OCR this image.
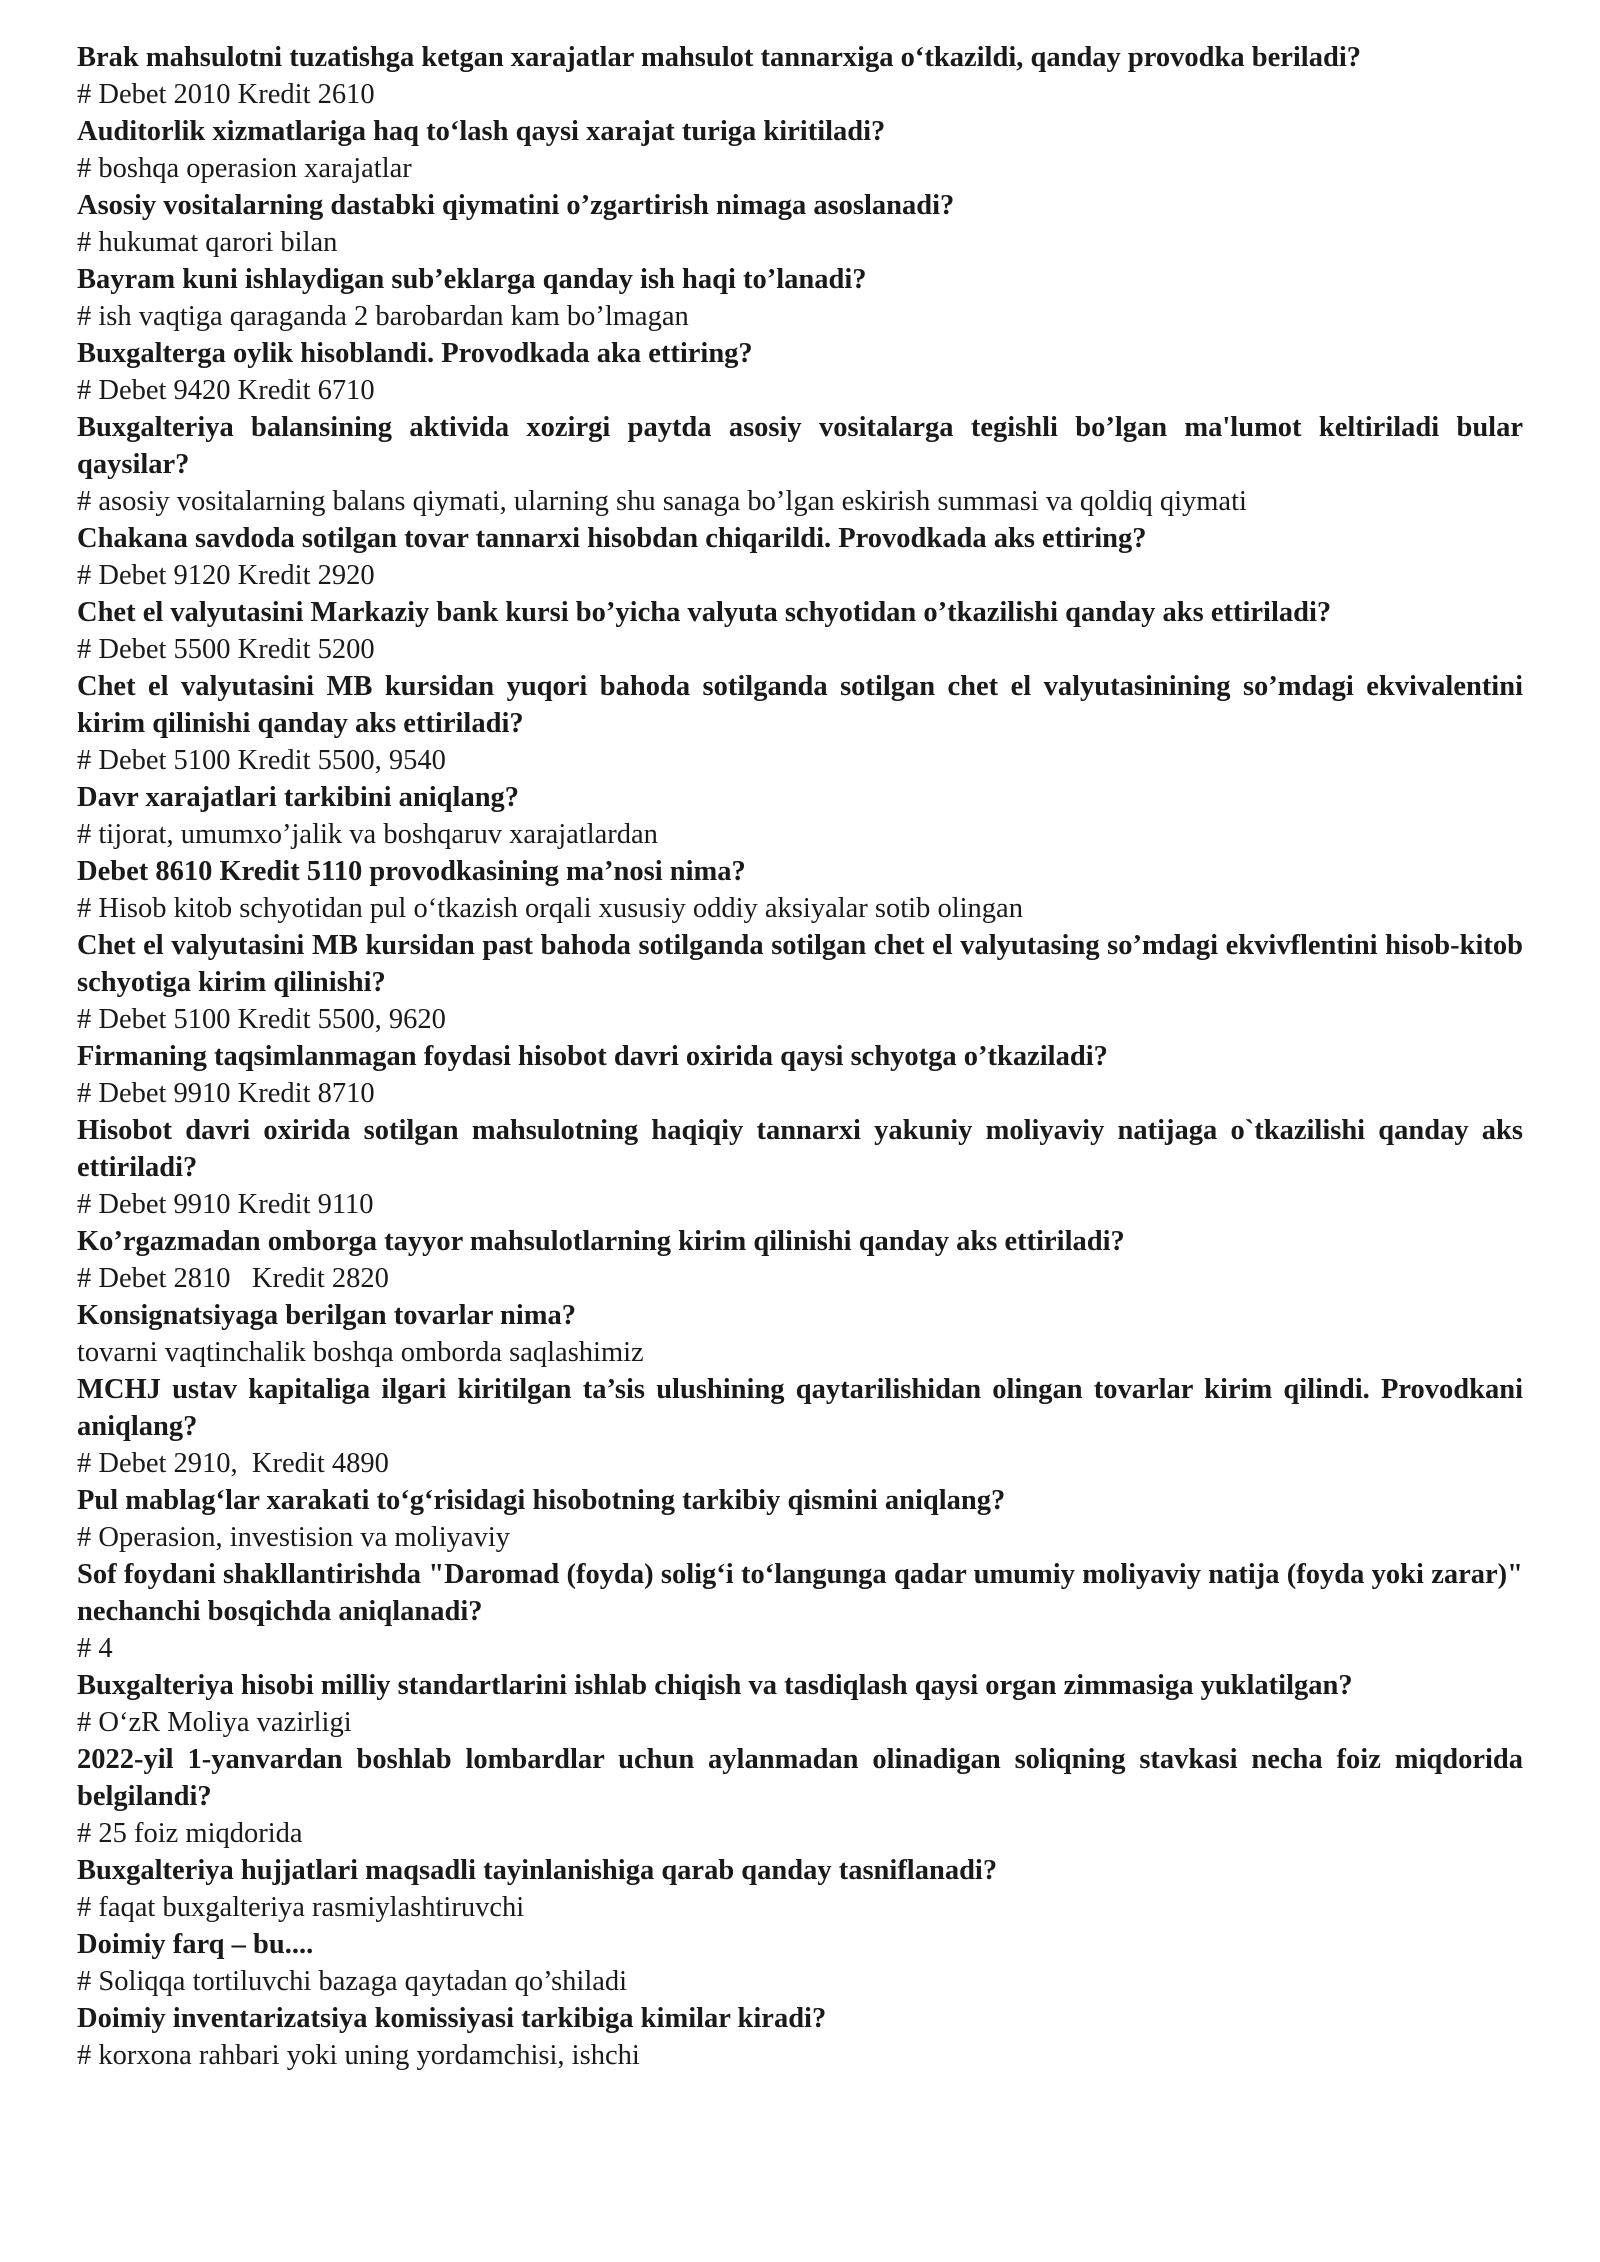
Brak mahsulotni tuzatishga ketgan xarajatlar mahsulot tannarxiga o‘tkazildi, qanday provodka beriladi?

# Debet 2010 Kredit 2610

Auditorlik xizmatlariga haq to‘lash qaysi xarajat turiga kiritiladi?

# boshqa operasion xarajatlar

Asosiy vositalarning dastabki qiymatini o’zgartirish nimaga asoslanadi?

# hukumat qarori bilan

Bayram kuni ishlaydigan sub’eklarga qanday ish haqi to’lanadi?

# ish vaqtiga qaraganda 2 barobardan kam bo’lmagan

Buxgalterga oylik hisoblandi. Provodkada aka ettiring?

# Debet 9420 Kredit 6710

Buxgalteriya balansining aktivida xozirgi paytda asosiy vositalarga tegishli bo’lgan ma'lumot keltiriladi bular qaysilar?

# asosiy vositalarning balans qiymati, ularning shu sanaga bo’lgan eskirish summasi va qoldiq qiymati

Chakana savdoda sotilgan tovar tannarxi hisobdan chiqarildi. Provodkada aks ettiring?

# Debet 9120 Kredit 2920

Chet el valyutasini Markaziy bank kursi bo’yicha valyuta schyotidan o’tkazilishi qanday aks ettiriladi?

# Debet 5500 Kredit 5200

Chet el valyutasini MB kursidan yuqori bahoda sotilganda sotilgan chet el valyutasinining so’mdagi ekvivalentini kirim qilinishi qanday aks ettiriladi?

# Debet 5100 Kredit 5500, 9540

Davr xarajatlari tarkibini aniqlang?

# tijorat, umumxo’jalik va boshqaruv xarajatlardan

Debet 8610 Kredit 5110 provodkasining ma’nosi nima?

# Hisob kitob schyotidan pul o‘tkazish orqali xususiy oddiy aksiyalar sotib olingan

Chet el valyutasini MB kursidan past bahoda sotilganda sotilgan chet el valyutasing so’mdagi ekvivflentini hisob-kitob schyotiga kirim qilinishi?

# Debet 5100 Kredit 5500, 9620

Firmaning taqsimlanmagan foydasi hisobot davri oxirida qaysi schyotga o’tkaziladi?

# Debet 9910 Kredit 8710

Hisobot davri oxirida sotilgan mahsulotning haqiqiy tannarxi yakuniy moliyaviy natijaga o`tkazilishi qanday aks ettiriladi?

# Debet 9910 Kredit 9110

Ko’rgazmadan omborga tayyor mahsulotlarning kirim qilinishi qanday aks ettiriladi?

# Debet 2810   Kredit 2820

Konsignatsiyaga berilgan tovarlar nima?

tovarni vaqtinchalik boshqa omborda saqlashimiz

MCHJ ustav kapitaliga ilgari kiritilgan ta’sis ulushining qaytarilishidan olingan tovarlar kirim qilindi. Provodkani aniqlang?

# Debet 2910,  Kredit 4890

Pul mablag‘lar xarakati to‘g‘risidagi hisobotning tarkibiy qismini aniqlang?

# Operasion, investision va moliyaviy

Sof foydani shakllantirishda "Daromad (foyda) solig‘i to‘langunga qadar umumiy moliyaviy natija (foyda yoki zarar)" nechanchi bosqichda aniqlanadi?

# 4

Buxgalteriya hisobi milliy standartlarini ishlab chiqish va tasdiqlash qaysi organ zimmasiga yuklatilgan?

# O‘zR Moliya vazirligi

2022-yil 1-yanvardan boshlab lombardlar uchun aylanmadan olinadigan soliqning stavkasi necha foiz miqdorida belgilandi?

# 25 foiz miqdorida

Buxgalteriya hujjatlari maqsadli tayinlanishiga qarab qanday tasniflanadi?

# faqat buxgalteriya rasmiylashtiruvchi

Doimiy farq – bu....

# Soliqqa tortiluvchi bazaga qaytadan qo’shiladi

Doimiy inventarizatsiya komissiyasi tarkibiga kimilar kiradi?

# korxona rahbari yoki uning yordamchisi, ishchi
